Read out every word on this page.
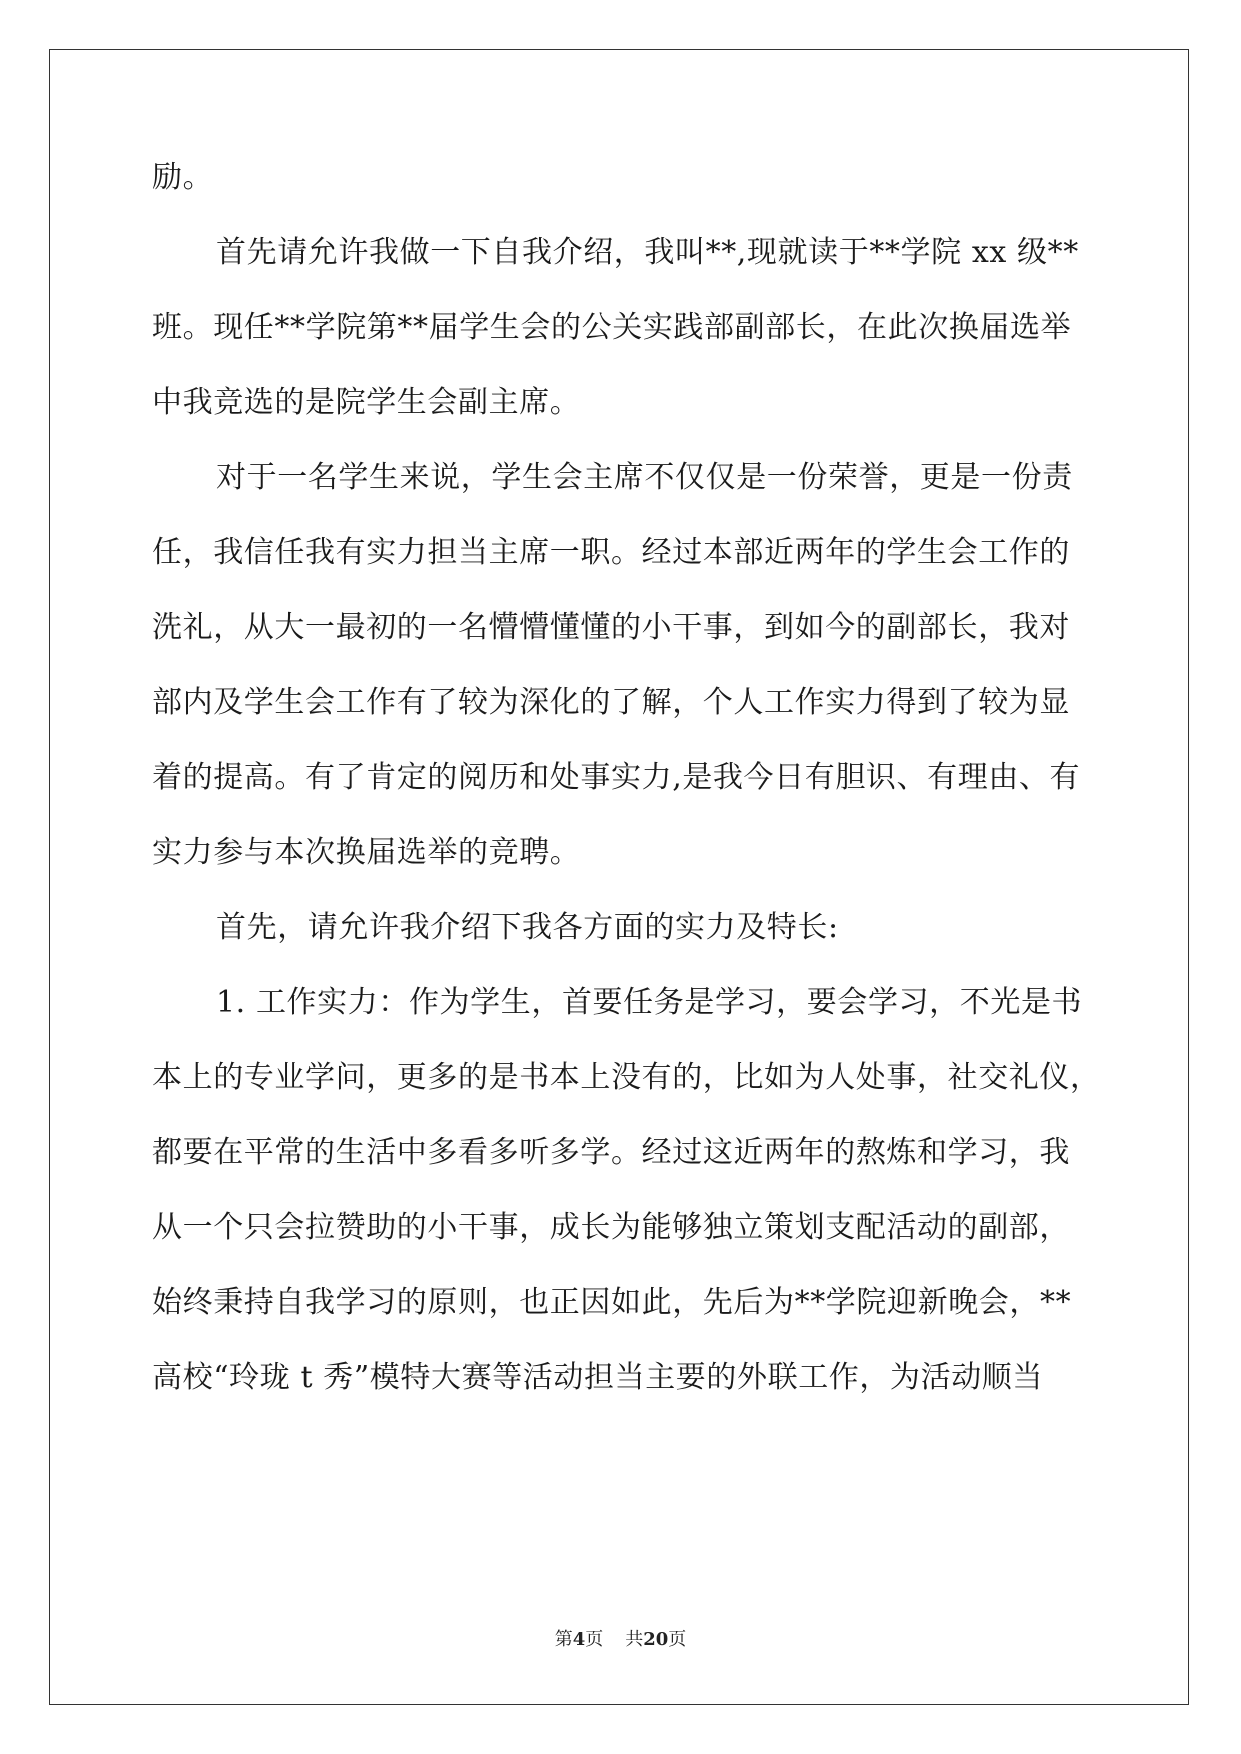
励。
首先请允许我做一下自我介绍，我叫**,现就读于**学院 xx 级**
班。现任**学院第**届学生会的公关实践部副部长，在此次换届选举
中我竞选的是院学生会副主席。
对于一名学生来说，学生会主席不仅仅是一份荣誉，更是一份责
任，我信任我有实力担当主席一职。经过本部近两年的学生会工作的
洗礼，从大一最初的一名懵懵懂懂的小干事，到如今的副部长，我对
部内及学生会工作有了较为深化的了解，个人工作实力得到了较为显
着的提高。有了肯定的阅历和处事实力,是我今日有胆识、有理由、有
实力参与本次换届选举的竞聘。
首先，请允许我介绍下我各方面的实力及特长:
1. 工作实力：作为学生，首要任务是学习，要会学习，不光是书
本上的专业学问，更多的是书本上没有的，比如为人处事，社交礼仪，
都要在平常的生活中多看多听多学。经过这近两年的熬炼和学习，我
从一个只会拉赞助的小干事，成长为能够独立策划支配活动的副部，
始终秉持自我学习的原则，也正因如此，先后为**学院迎新晚会，**
高校“玲珑 t 秀”模特大赛等活动担当主要的外联工作，为活动顺当
第4页 共20页
